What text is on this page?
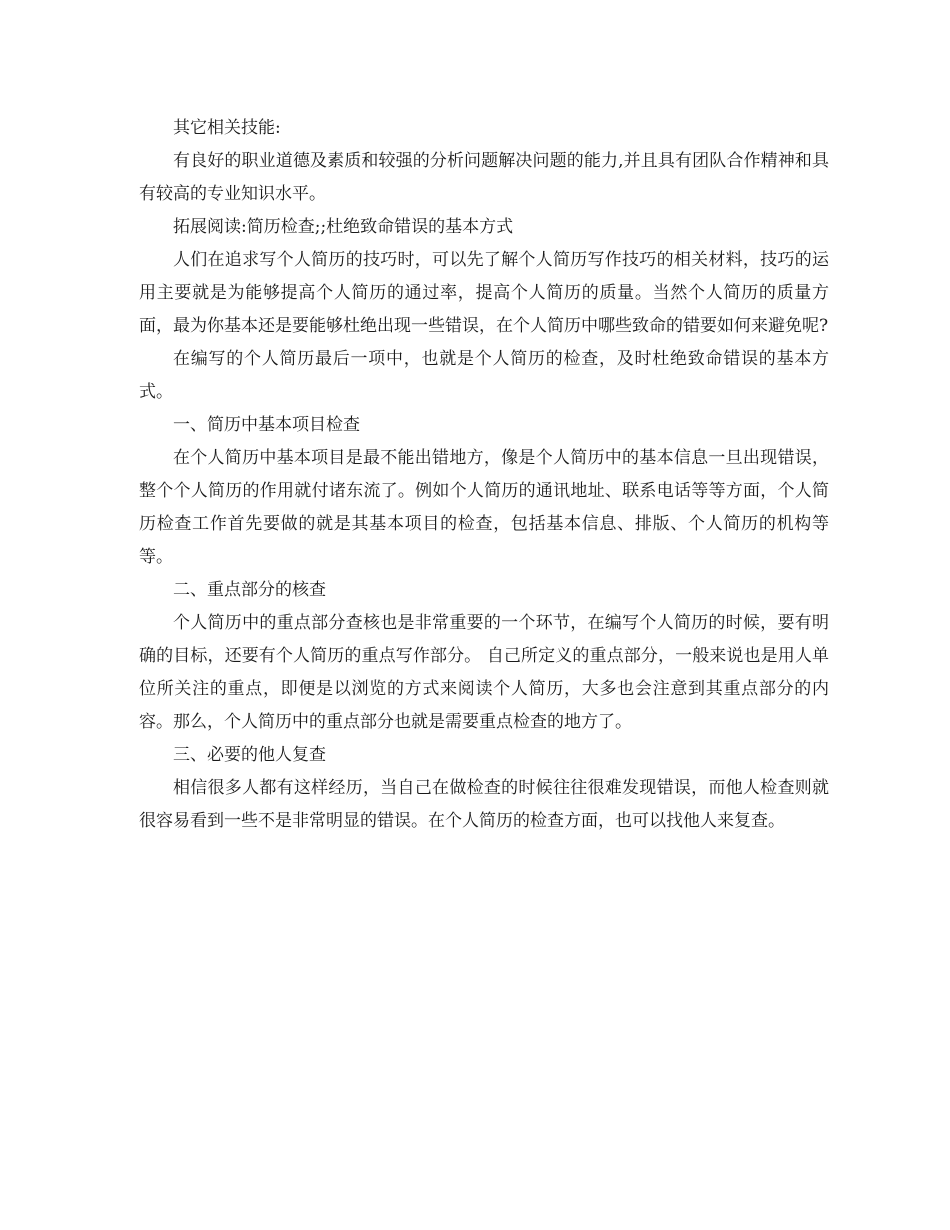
其它相关技能:

有良好的职业道德及素质和较强的分析问题解决问题的能力,并且具有团队合作精神和具有较高的专业知识水平。

拓展阅读:简历检查;;杜绝致命错误的基本方式

人们在追求写个人简历的技巧时，可以先了解个人简历写作技巧的相关材料，技巧的运用主要就是为能够提高个人简历的通过率，提高个人简历的质量。当然个人简历的质量方面，最为你基本还是要能够杜绝出现一些错误，在个人简历中哪些致命的错要如何来避免呢?

在编写的个人简历最后一项中，也就是个人简历的检查，及时杜绝致命错误的基本方式。

一、简历中基本项目检查

在个人简历中基本项目是最不能出错地方，像是个人简历中的基本信息一旦出现错误，整个个人简历的作用就付诸东流了。例如个人简历的通讯地址、联系电话等等方面，个人简历检查工作首先要做的就是其基本项目的检查，包括基本信息、排版、个人简历的机构等等。

二、重点部分的核查

个人简历中的重点部分查核也是非常重要的一个环节，在编写个人简历的时候，要有明确的目标，还要有个人简历的重点写作部分。 自己所定义的重点部分，一般来说也是用人单位所关注的重点，即便是以浏览的方式来阅读个人简历，大多也会注意到其重点部分的内容。那么，个人简历中的重点部分也就是需要重点检查的地方了。

三、必要的他人复查

相信很多人都有这样经历，当自己在做检查的时候往往很难发现错误，而他人检查则就很容易看到一些不是非常明显的错误。在个人简历的检查方面，也可以找他人来复查。
